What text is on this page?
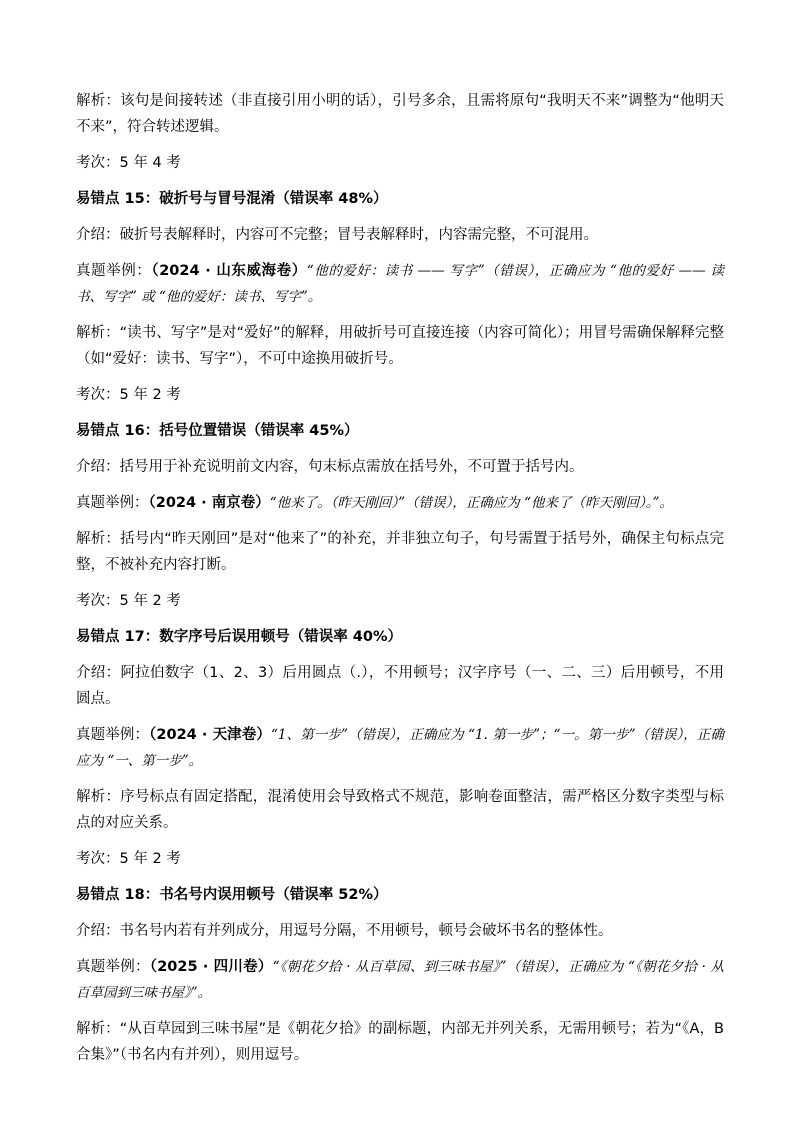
解析：该句是间接转述（非直接引用小明的话），引号多余，且需将原句“我明天不来”调整为“他明天不来”，符合转述逻辑。

考次：5 年 4 考

易错点 15：破折号与冒号混淆（错误率 48%）

介绍：破折号表解释时，内容可不完整；冒号表解释时，内容需完整，不可混用。

真题举例：（2024 · 山东威海卷）“他的爱好：读书 —— 写字”（错误），正确应为 “他的爱好 —— 读书、写字” 或 “他的爱好：读书、写字”。

解析：“读书、写字”是对“爱好”的解释，用破折号可直接连接（内容可简化）；用冒号需确保解释完整（如“爱好：读书、写字”），不可中途换用破折号。

考次：5 年 2 考

易错点 16：括号位置错误（错误率 45%）

介绍：括号用于补充说明前文内容，句末标点需放在括号外，不可置于括号内。

真题举例：（2024 · 南京卷）“他来了。（昨天刚回）”（错误），正确应为 “他来了（昨天刚回）。”。

解析：括号内“昨天刚回”是对“他来了”的补充，并非独立句子，句号需置于括号外，确保主句标点完整，不被补充内容打断。

考次：5 年 2 考

易错点 17：数字序号后误用顿号（错误率 40%）

介绍：阿拉伯数字（1、2、3）后用圆点（.），不用顿号；汉字序号（一、二、三）后用顿号，不用圆点。

真题举例：（2024 · 天津卷）“1、第一步”（错误），正确应为 “1. 第一步”；“一。第一步”（错误），正确应为 “一、第一步”。

解析：序号标点有固定搭配，混淆使用会导致格式不规范，影响卷面整洁，需严格区分数字类型与标点的对应关系。

考次：5 年 2 考

易错点 18：书名号内误用顿号（错误率 52%）

介绍：书名号内若有并列成分，用逗号分隔，不用顿号，顿号会破坏书名的整体性。

真题举例：（2025 · 四川卷）“《朝花夕拾 · 从百草园、到三味书屋》”（错误），正确应为 “《朝花夕拾 · 从百草园到三味书屋》”。

解析：“从百草园到三味书屋”是《朝花夕拾》的副标题，内部无并列关系，无需用顿号；若为“《A，B 合集》”（书名内有并列），则用逗号。
